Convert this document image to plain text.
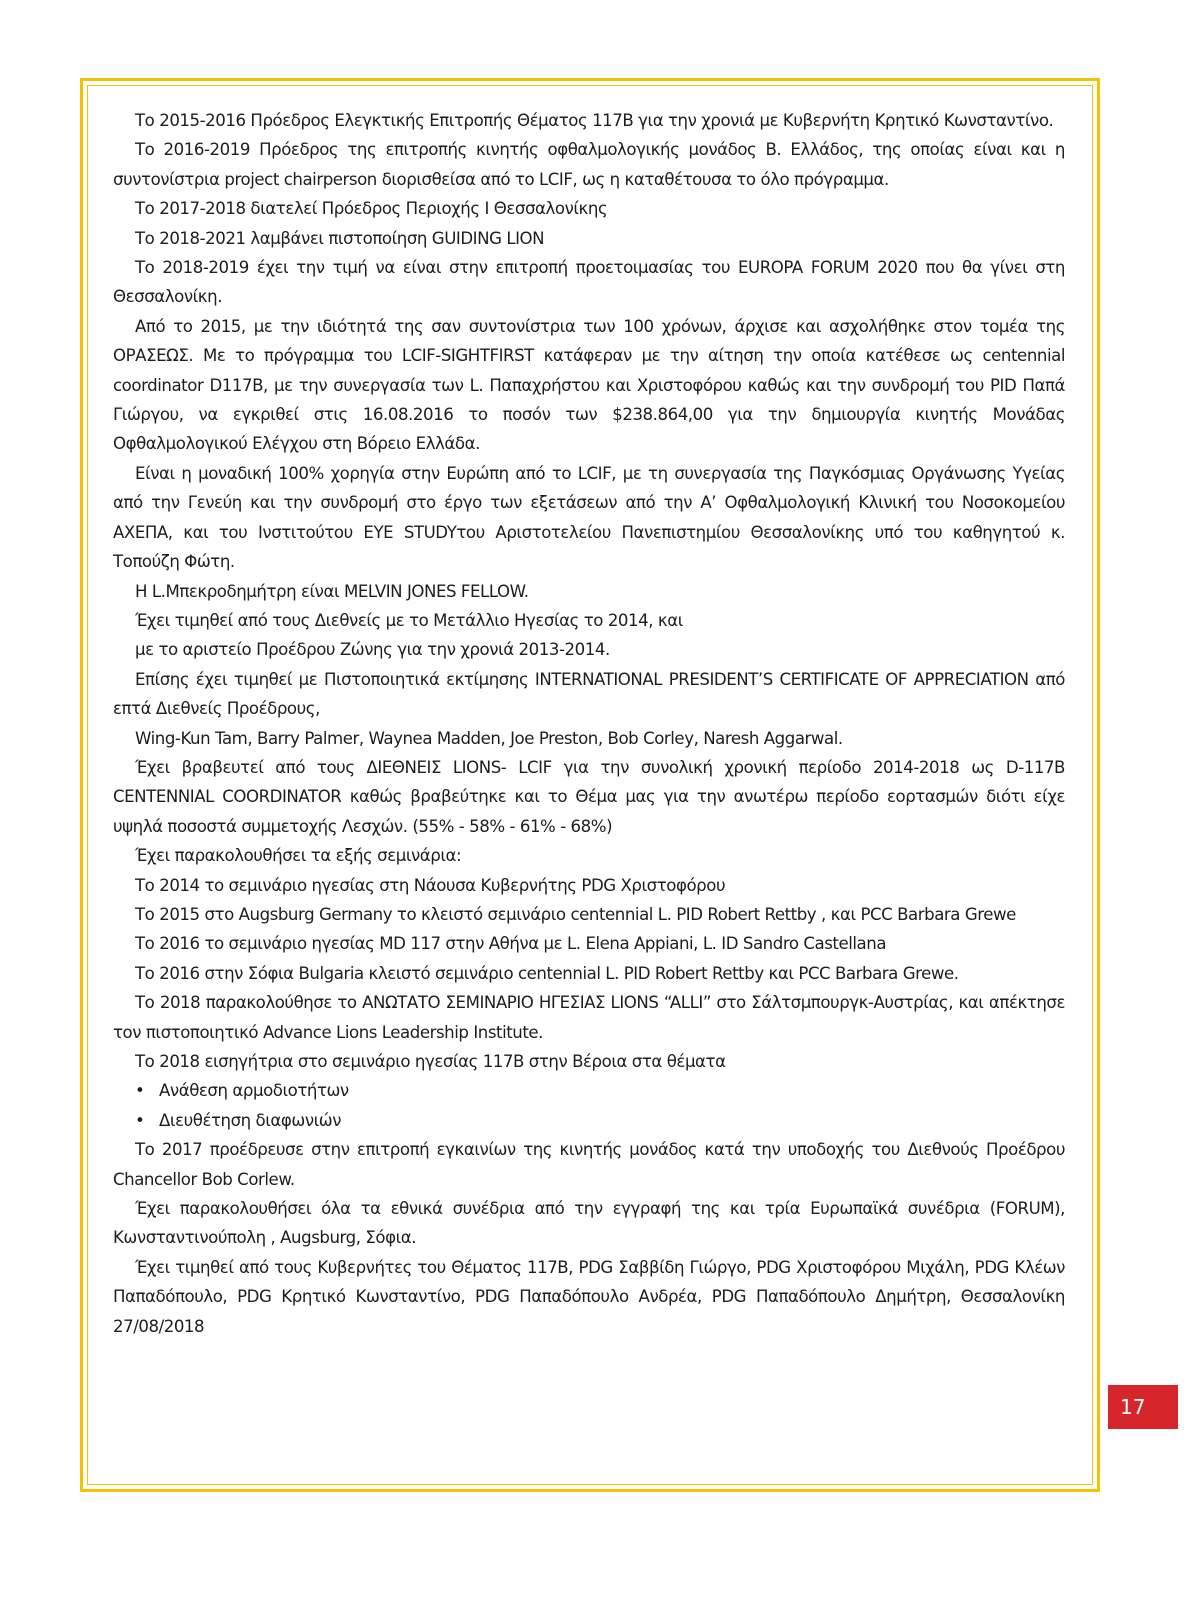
Το 2015-2016 Πρόεδρος Ελεγκτικής Επιτροπής Θέματος 117Β για την χρονιά με Κυβερνήτη Κρητικό Κωνσταντίνο.

Το 2016-2019 Πρόεδρος της επιτροπής κινητής οφθαλμολογικής μονάδος Β. Ελλάδος, της οποίας είναι και η συντονίστρια project chairperson διορισθείσα από το LCIF, ως η καταθέτουσα το όλο πρόγραμμα.

Το 2017-2018 διατελεί Πρόεδρος Περιοχής Ι Θεσσαλονίκης

Το 2018-2021 λαμβάνει πιστοποίηση GUIDING LION

Το 2018-2019 έχει την τιμή να είναι στην επιτροπή προετοιμασίας του EUROPA FORUM 2020 που θα γίνει στη Θεσσαλονίκη.

Από το 2015, με την ιδιότητά της σαν συντονίστρια των 100 χρόνων, άρχισε και ασχολήθηκε στον τομέα της ΟΡΑΣΕΩΣ. Με το πρόγραμμα του LCIF-SIGHTFIRST κατάφεραν με την αίτηση την οποία κατέθεσε ως centennial coordinator D117B, με την συνεργασία των L. Παπαχρήστου και Χριστοφόρου καθώς και την συνδρομή του PID Παπά Γιώργου, να εγκριθεί στις 16.08.2016 το ποσόν των $238.864,00 για την δημιουργία κινητής Μονάδας Οφθαλμολογικού Ελέγχου στη Βόρειο Ελλάδα.

Είναι η μοναδική 100% χορηγία στην Ευρώπη από το LCIF, με τη συνεργασία της Παγκόσμιας Οργάνωσης Υγείας από την Γενεύη και την συνδρομή στο έργο των εξετάσεων από την Α’ Οφθαλμολογική Κλινική του Νοσοκομείου ΑΧΕΠΑ, και του Ινστιτούτου EYE STUDYτου Αριστοτελείου Πανεπιστημίου Θεσσαλονίκης υπό του καθηγητού κ. Τοπούζη Φώτη.

Η L.Μπεκροδημήτρη είναι MELVIN JONES FELLOW.

Έχει τιμηθεί από τους Διεθνείς με το Μετάλλιο Ηγεσίας το 2014, και

με το αριστείο Προέδρου Ζώνης για την χρονιά 2013-2014.

Επίσης έχει τιμηθεί με Πιστοποιητικά εκτίμησης INTERNATIONAL PRESIDENT’S CERTIFICATE OF APPRECIATION από επτά Διεθνείς Προέδρους,

Wing-Kun Tam, Barry Palmer, Waynea Madden, Joe Preston, Bob Corley, Naresh Aggarwal.

Έχει βραβευτεί από τους ΔΙΕΘΝΕΙΣ LIONS- LCIF για την συνολική χρονική περίοδο 2014-2018 ως D-117B CENTENNIAL COORDINATOR καθώς βραβεύτηκε και το Θέμα μας για την ανωτέρω περίοδο εορτασμών διότι είχε υψηλά ποσοστά συμμετοχής Λεσχών. (55% - 58% - 61% - 68%)

Έχει παρακολουθήσει τα εξής σεμινάρια:

Το 2014 το σεμινάριο ηγεσίας στη Νάουσα Κυβερνήτης PDG Χριστοφόρου

Το 2015 στο Augsburg Germany το κλειστό σεμινάριο centennial L. PID Robert Rettby , και PCC Barbara Grewe

Το 2016 το σεμινάριο ηγεσίας MD 117 στην Αθήνα με L. Elena Appiani, L. ID Sandro Castellana

Το 2016 στην Σόφια Bulgaria κλειστό σεμινάριο centennial L. PID Robert Rettby και PCC Barbara Grewe.

Το 2018 παρακολούθησε το ΑΝΩΤΑΤΟ ΣΕΜΙΝΑΡΙΟ ΗΓΕΣΙΑΣ LIONS “ALLI” στο Σάλτσμπουργκ-Αυστρίας, και απέκτησε τον πιστοποιητικό Advance Lions Leadership Institute.

Το 2018 εισηγήτρια στο σεμινάριο ηγεσίας 117Β στην Βέροια στα θέματα

• Ανάθεση αρμοδιοτήτων
• Διευθέτηση διαφωνιών

Το 2017 προέδρευσε στην επιτροπή εγκαινίων της κινητής μονάδος κατά την υποδοχής του Διεθνούς Προέδρου Chancellor Bob Corlew.

Έχει παρακολουθήσει όλα τα εθνικά συνέδρια από την εγγραφή της και τρία Ευρωπαϊκά συνέδρια (FORUM), Κωνσταντινούπολη , Augsburg, Σόφια.

Έχει τιμηθεί από τους Κυβερνήτες του Θέματος 117Β, PDG Σαββίδη Γιώργο, PDG Χριστοφόρου Μιχάλη, PDG Κλέων Παπαδόπουλο, PDG Κρητικό Κωνσταντίνο, PDG Παπαδόπουλο Ανδρέα, PDG Παπαδόπουλο Δημήτρη, Θεσσαλονίκη 27/08/2018

17
